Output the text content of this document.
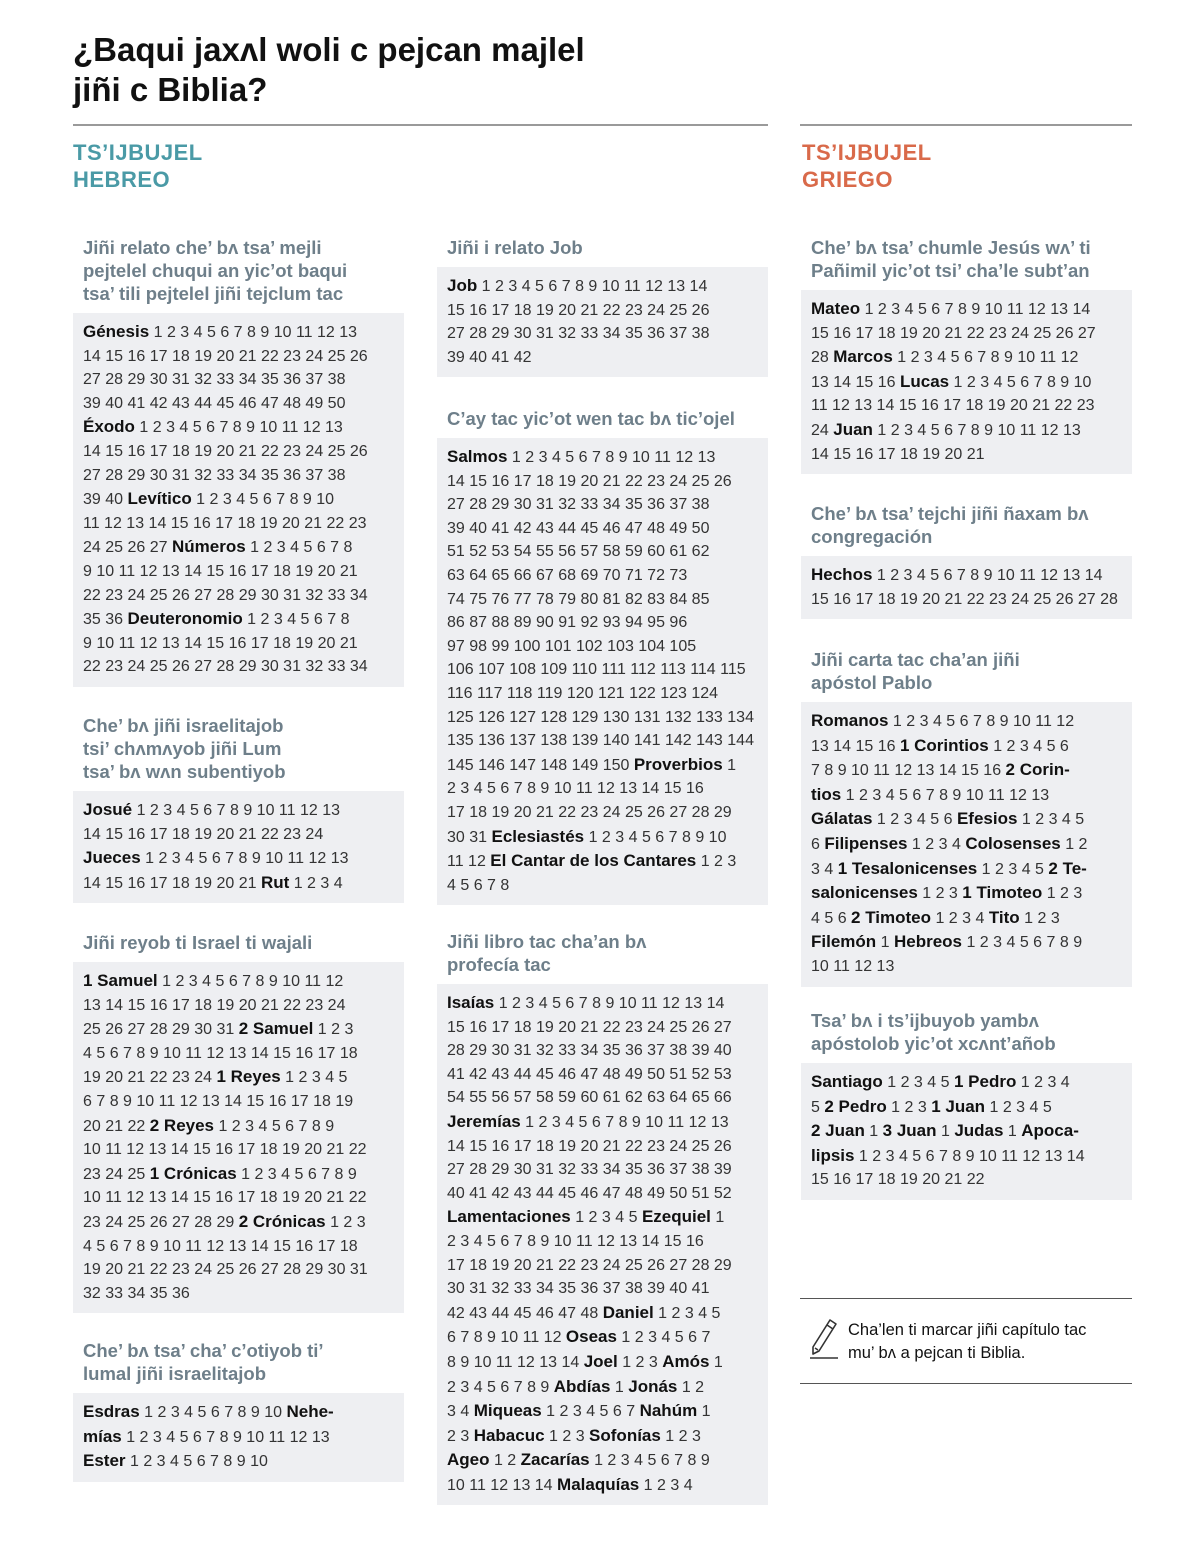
¿Baqui jaxʌl woli c pejcan majlel
jiñi c Biblia?
TS’IJBUJEL
HEBREO
TS’IJBUJEL
GRIEGO
Jiñi relato che’ bʌ tsa’ mejli
pejtelel chuqui an yic’ot baqui
tsa’ tili pejtelel jiñi tejclum tac
Génesis 1 2 3 4 5 6 7 8 9 10 11 12 13
14 15 16 17 18 19 20 21 22 23 24 25 26
27 28 29 30 31 32 33 34 35 36 37 38
39 40 41 42 43 44 45 46 47 48 49 50
Éxodo 1 2 3 4 5 6 7 8 9 10 11 12 13
14 15 16 17 18 19 20 21 22 23 24 25 26
27 28 29 30 31 32 33 34 35 36 37 38
39 40 Levítico 1 2 3 4 5 6 7 8 9 10
11 12 13 14 15 16 17 18 19 20 21 22 23
24 25 26 27 Números 1 2 3 4 5 6 7 8
9 10 11 12 13 14 15 16 17 18 19 20 21
22 23 24 25 26 27 28 29 30 31 32 33 34
35 36 Deuteronomio 1 2 3 4 5 6 7 8
9 10 11 12 13 14 15 16 17 18 19 20 21
22 23 24 25 26 27 28 29 30 31 32 33 34
Che’ bʌ jiñi israelitajob
tsi’ chʌmʌyob jiñi Lum
tsa’ bʌ wʌn subentiyob
Josué 1 2 3 4 5 6 7 8 9 10 11 12 13
14 15 16 17 18 19 20 21 22 23 24
Jueces 1 2 3 4 5 6 7 8 9 10 11 12 13
14 15 16 17 18 19 20 21 Rut 1 2 3 4
Jiñi reyob ti Israel ti wajali
1 Samuel 1 2 3 4 5 6 7 8 9 10 11 12
13 14 15 16 17 18 19 20 21 22 23 24
25 26 27 28 29 30 31 2 Samuel 1 2 3
4 5 6 7 8 9 10 11 12 13 14 15 16 17 18
19 20 21 22 23 24 1 Reyes 1 2 3 4 5
6 7 8 9 10 11 12 13 14 15 16 17 18 19
20 21 22 2 Reyes 1 2 3 4 5 6 7 8 9
10 11 12 13 14 15 16 17 18 19 20 21 22
23 24 25 1 Crónicas 1 2 3 4 5 6 7 8 9
10 11 12 13 14 15 16 17 18 19 20 21 22
23 24 25 26 27 28 29 2 Crónicas 1 2 3
4 5 6 7 8 9 10 11 12 13 14 15 16 17 18
19 20 21 22 23 24 25 26 27 28 29 30 31
32 33 34 35 36
Che’ bʌ tsa’ cha’ c’otiyob ti’
lumal jiñi israelitajob
Esdras 1 2 3 4 5 6 7 8 9 10 Nehe-
mías 1 2 3 4 5 6 7 8 9 10 11 12 13
Ester 1 2 3 4 5 6 7 8 9 10
Jiñi i relato Job
Job 1 2 3 4 5 6 7 8 9 10 11 12 13 14
15 16 17 18 19 20 21 22 23 24 25 26
27 28 29 30 31 32 33 34 35 36 37 38
39 40 41 42
C’ay tac yic’ot wen tac bʌ tic’ojel
Salmos 1 2 3 4 5 6 7 8 9 10 11 12 13
14 15 16 17 18 19 20 21 22 23 24 25 26
27 28 29 30 31 32 33 34 35 36 37 38
39 40 41 42 43 44 45 46 47 48 49 50
51 52 53 54 55 56 57 58 59 60 61 62
63 64 65 66 67 68 69 70 71 72 73
74 75 76 77 78 79 80 81 82 83 84 85
86 87 88 89 90 91 92 93 94 95 96
97 98 99 100 101 102 103 104 105
106 107 108 109 110 111 112 113 114 115
116 117 118 119 120 121 122 123 124
125 126 127 128 129 130 131 132 133 134
135 136 137 138 139 140 141 142 143 144
145 146 147 148 149 150 Proverbios 1
2 3 4 5 6 7 8 9 10 11 12 13 14 15 16
17 18 19 20 21 22 23 24 25 26 27 28 29
30 31 Eclesiastés 1 2 3 4 5 6 7 8 9 10
11 12 El Cantar de los Cantares 1 2 3
4 5 6 7 8
Jiñi libro tac cha’an bʌ
profecía tac
Isaías 1 2 3 4 5 6 7 8 9 10 11 12 13 14
15 16 17 18 19 20 21 22 23 24 25 26 27
28 29 30 31 32 33 34 35 36 37 38 39 40
41 42 43 44 45 46 47 48 49 50 51 52 53
54 55 56 57 58 59 60 61 62 63 64 65 66
Jeremías 1 2 3 4 5 6 7 8 9 10 11 12 13
14 15 16 17 18 19 20 21 22 23 24 25 26
27 28 29 30 31 32 33 34 35 36 37 38 39
40 41 42 43 44 45 46 47 48 49 50 51 52
Lamentaciones 1 2 3 4 5 Ezequiel 1
2 3 4 5 6 7 8 9 10 11 12 13 14 15 16
17 18 19 20 21 22 23 24 25 26 27 28 29
30 31 32 33 34 35 36 37 38 39 40 41
42 43 44 45 46 47 48 Daniel 1 2 3 4 5
6 7 8 9 10 11 12 Oseas 1 2 3 4 5 6 7
8 9 10 11 12 13 14 Joel 1 2 3 Amós 1
2 3 4 5 6 7 8 9 Abdías 1 Jonás 1 2
3 4 Miqueas 1 2 3 4 5 6 7 Nahúm 1
2 3 Habacuc 1 2 3 Sofonías 1 2 3
Ageo 1 2 Zacarías 1 2 3 4 5 6 7 8 9
10 11 12 13 14 Malaquías 1 2 3 4
Che’ bʌ tsa’ chumle Jesús wʌ’ ti
Pañimil yic’ot tsi’ cha’le subt’an
Mateo 1 2 3 4 5 6 7 8 9 10 11 12 13 14
15 16 17 18 19 20 21 22 23 24 25 26 27
28 Marcos 1 2 3 4 5 6 7 8 9 10 11 12
13 14 15 16 Lucas 1 2 3 4 5 6 7 8 9 10
11 12 13 14 15 16 17 18 19 20 21 22 23
24 Juan 1 2 3 4 5 6 7 8 9 10 11 12 13
14 15 16 17 18 19 20 21
Che’ bʌ tsa’ tejchi jiñi ñaxam bʌ
congregación
Hechos 1 2 3 4 5 6 7 8 9 10 11 12 13 14
15 16 17 18 19 20 21 22 23 24 25 26 27 28
Jiñi carta tac cha’an jiñi
apóstol Pablo
Romanos 1 2 3 4 5 6 7 8 9 10 11 12
13 14 15 16 1 Corintios 1 2 3 4 5 6
7 8 9 10 11 12 13 14 15 16 2 Corin-
tios 1 2 3 4 5 6 7 8 9 10 11 12 13
Gálatas 1 2 3 4 5 6 Efesios 1 2 3 4 5
6 Filipenses 1 2 3 4 Colosenses 1 2
3 4 1 Tesalonicenses 1 2 3 4 5 2 Te-
salonicenses 1 2 3 1 Timoteo 1 2 3
4 5 6 2 Timoteo 1 2 3 4 Tito 1 2 3
Filemón 1 Hebreos 1 2 3 4 5 6 7 8 9
10 11 12 13
Tsa’ bʌ i ts’ijbuyob yambʌ
apóstolob yic’ot xcʌnt’añob
Santiago 1 2 3 4 5 1 Pedro 1 2 3 4
5 2 Pedro 1 2 3 1 Juan 1 2 3 4 5
2 Juan 1 3 Juan 1 Judas 1 Apoca-
lipsis 1 2 3 4 5 6 7 8 9 10 11 12 13 14
15 16 17 18 19 20 21 22
Cha’len ti marcar jiñi capítulo tac
mu’ bʌ a pejcan ti Biblia.
